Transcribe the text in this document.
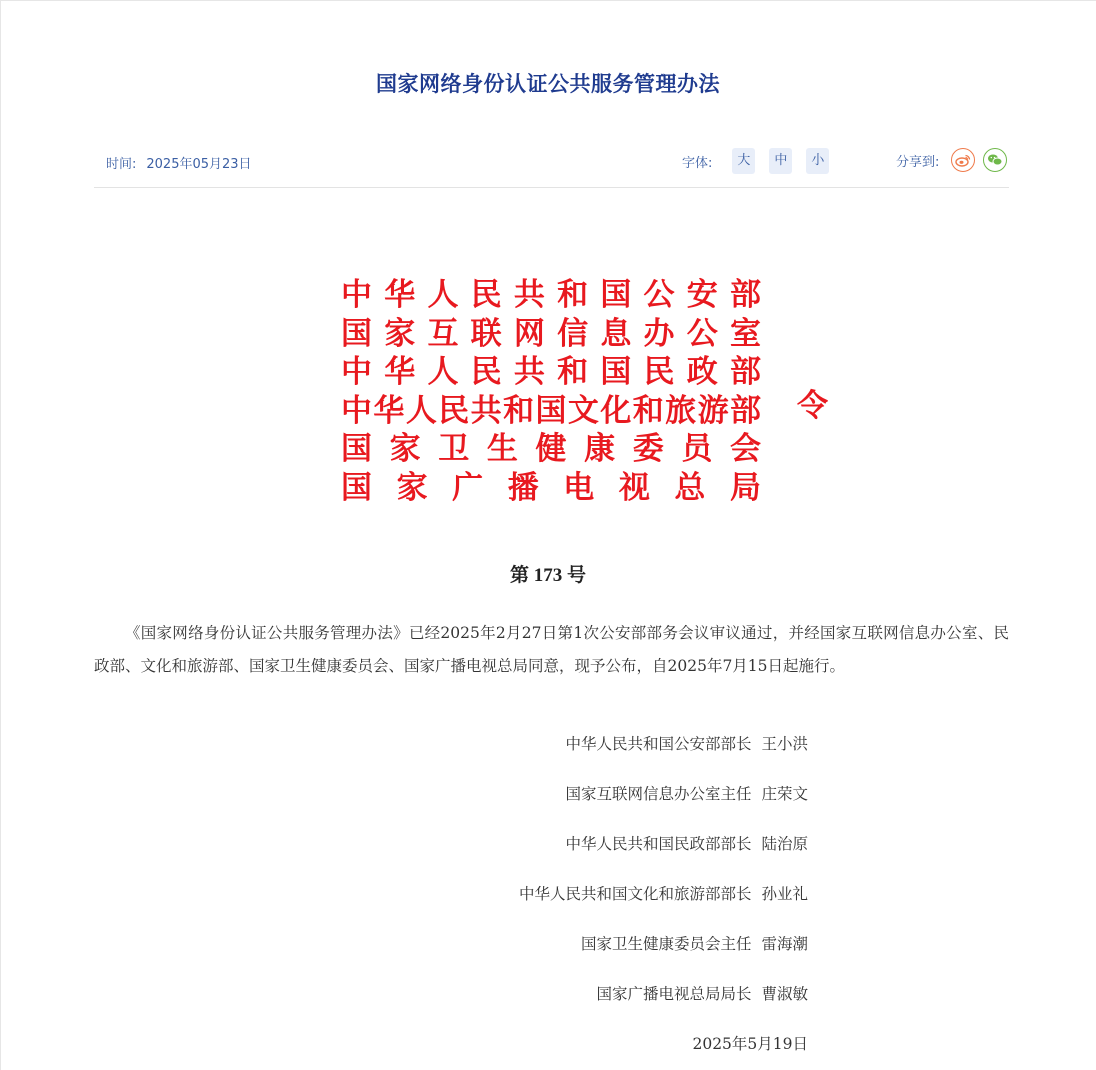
国家网络身份认证公共服务管理办法
时间: 2025年05月23日	字体:	大	中	小	分享到:
中华人民共和国公安部
国家互联网信息办公室
中华人民共和国民政部
中华人民共和国文化和旅游部
国家卫生健康委员会
国家广播电视总局
令
第 173 号

《国家网络身份认证公共服务管理办法》已经2025年2月27日第1次公安部部务会议审议通过，并经国家互联网信息办公室、民政部、文化和旅游部、国家卫生健康委员会、国家广播电视总局同意，现予公布，自2025年7月15日起施行。

中华人民共和国公安部部长 王小洪
国家互联网信息办公室主任 庄荣文
中华人民共和国民政部部长 陆治原
中华人民共和国文化和旅游部部长 孙业礼
国家卫生健康委员会主任 雷海潮
国家广播电视总局局长 曹淑敏
2025年5月19日
